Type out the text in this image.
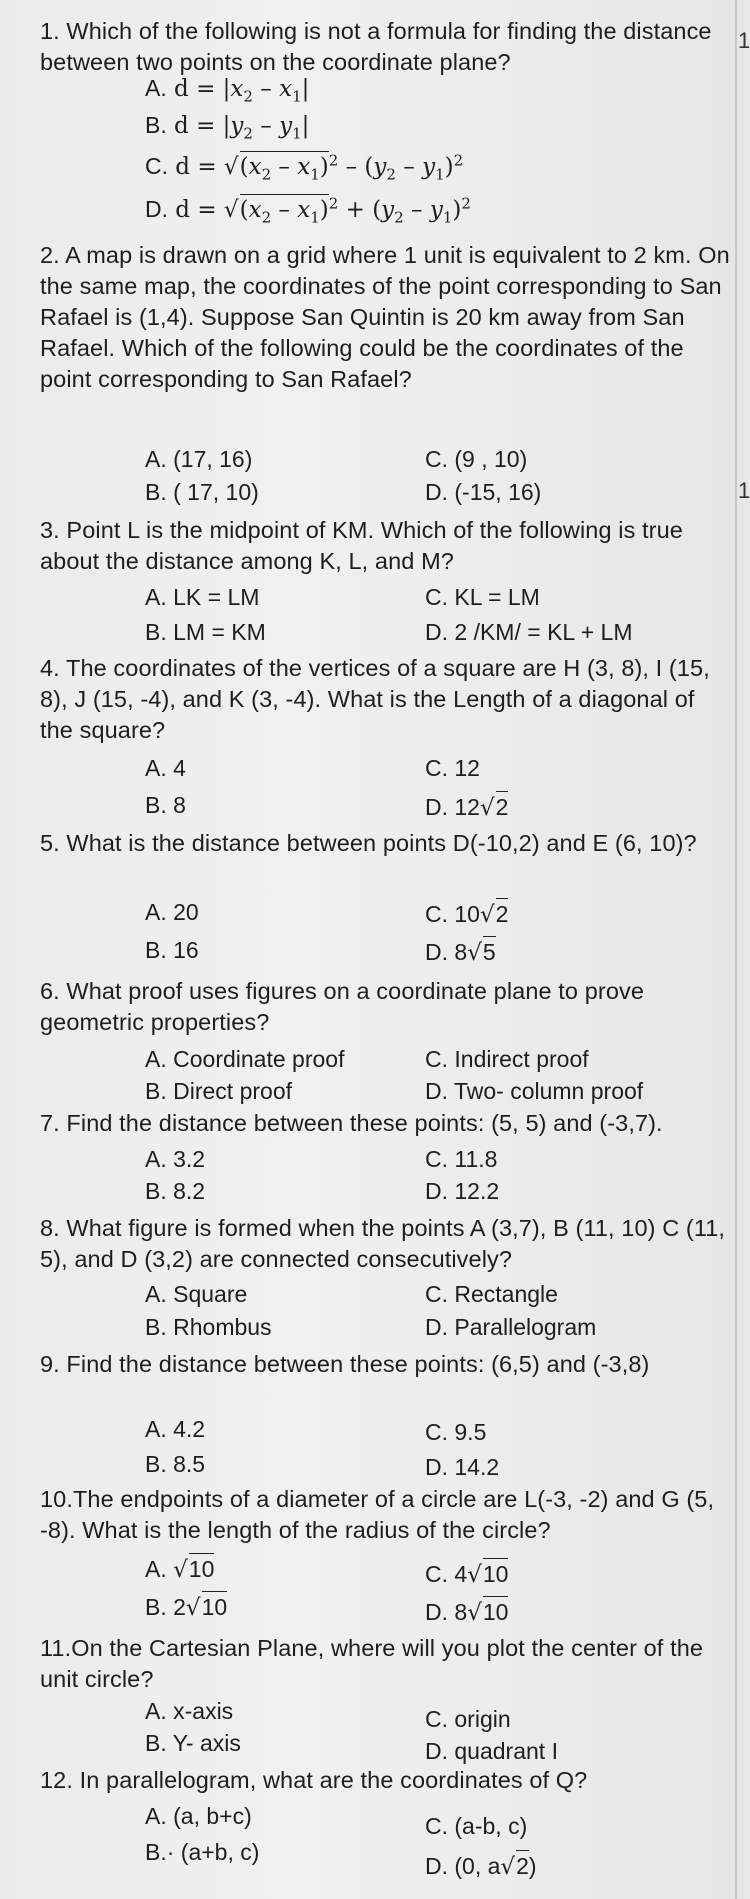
1
1
1. Which of the following is not a formula for finding the distance between two points on the coordinate plane?
A. $d = |x_2 - x_1|$
B. $d = |y_2 - y_1|$
C. $d = √(x_2 - x_1)^2 - (y_2 - y_1)^2$
D. $d = √(x_2 - x_1)^2 + (y_2 - y_1)^2$
2. A map is drawn on a grid where 1 unit is equivalent to 2 km. On the same map, the coordinates of the point corresponding to San Rafael is (1,4). Suppose San Quintin is 20 km away from San Rafael. Which of the following could be the coordinates of the point corresponding to San Rafael?
A. (17, 16)
B. ( 17, 10)
C. (9 , 10)
D. (-15, 16)
3. Point L is the midpoint of KM. Which of the following is true about the distance among K, L, and M?
A. LK = LM
B. LM = KM
C. KL = LM
D. 2 /KM/ = KL + LM
4. The coordinates of the vertices of a square are H (3, 8), I (15, 8), J (15, -4), and K (3, -4). What is the Length of a diagonal of the square?
A. 4
B. 8
C. 12
D. 12√2
5. What is the distance between points D(-10,2) and E (6, 10)?
A. 20
B. 16
C. 10√2
D. 8√5
6. What proof uses figures on a coordinate plane to prove geometric properties?
A. Coordinate proof
B. Direct proof
C. Indirect proof
D. Two- column proof
7. Find the distance between these points: (5, 5) and (-3,7).
A. 3.2
B. 8.2
C. 11.8
D. 12.2
8. What figure is formed when the points A (3,7), B (11, 10) C (11, 5), and D (3,2) are connected consecutively?
A. Square
B. Rhombus
C. Rectangle
D. Parallelogram
9. Find the distance between these points: (6,5) and (-3,8)
A. 4.2
B. 8.5
C. 9.5
D. 14.2
10.The endpoints of a diameter of a circle are L(-3, -2) and G (5, -8). What is the length of the radius of the circle?
A. √10
B. 2√10
C. 4√10
D. 8√10
11.On the Cartesian Plane, where will you plot the center of the unit circle?
A. x-axis
B. Y- axis
C. origin
D. quadrant I
12. In parallelogram, what are the coordinates of Q?
A. (a, b+c)
B.· (a+b, c)
C. (a-b, c)
D. (0, a√2)
